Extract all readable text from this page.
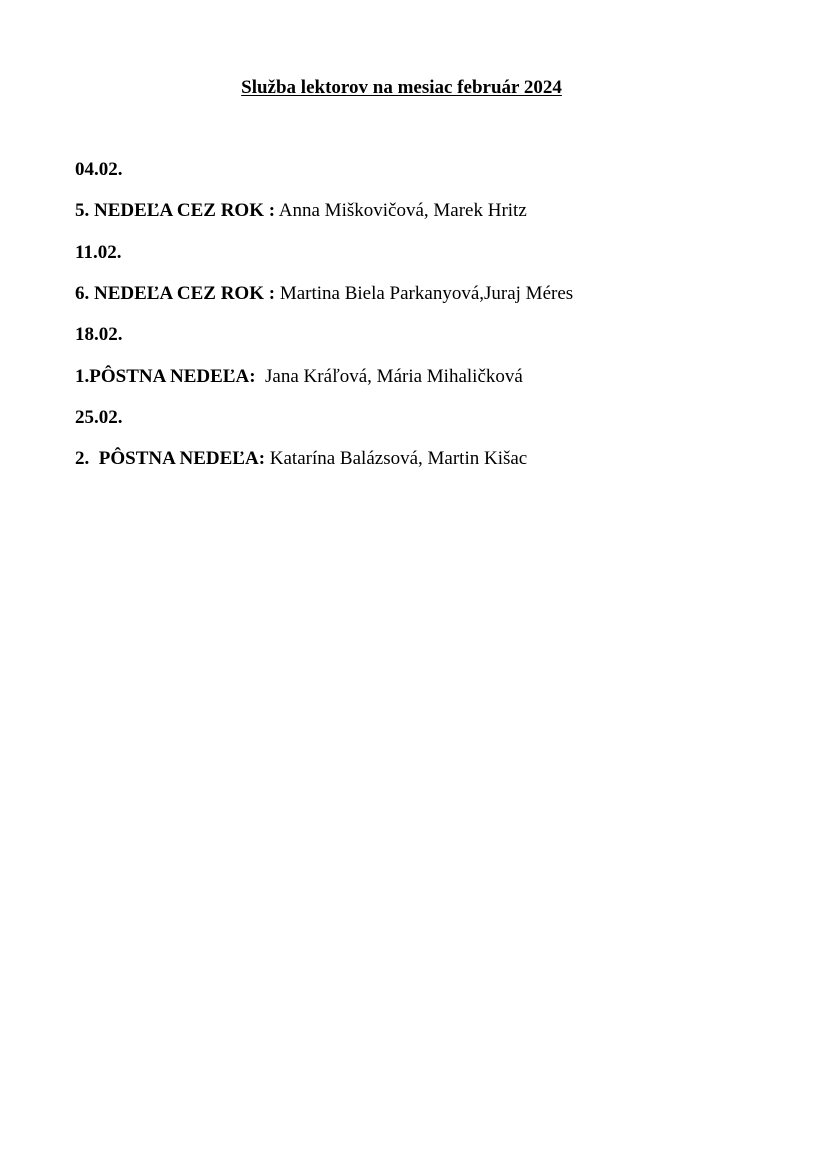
Služba lektorov na mesiac február 2024
04.02.
5. NEDEĽA CEZ ROK : Anna Miškovičová, Marek Hritz
11.02.
6. NEDEĽA CEZ ROK : Martina Biela Parkanyová,Juraj Méres
18.02.
1.PÔSTNA NEDEĽA:  Jana Kráľová, Mária Mihaličková
25.02.
2.  PÔSTNA NEDEĽA: Katarína Balázsová, Martin Kišac
